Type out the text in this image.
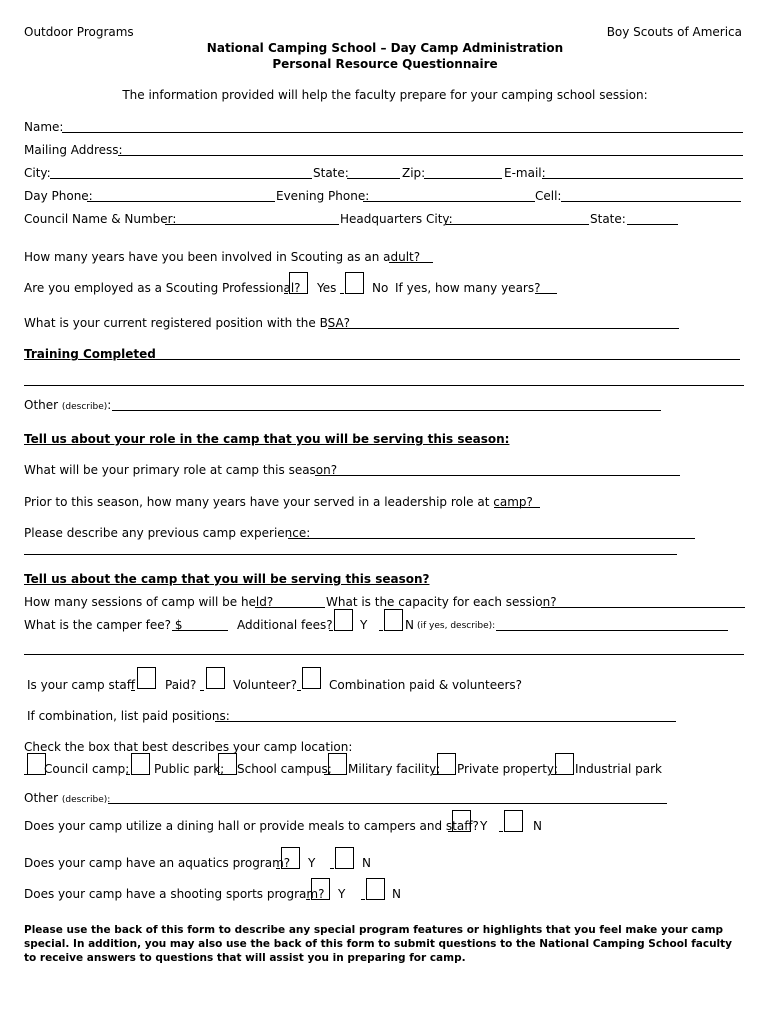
Outdoor Programs	Boy Scouts of America
National Camping School – Day Camp Administration
Personal Resource Questionnaire
The information provided will help the faculty prepare for your camping school session:
Name:
Mailing Address:
City:	State:	Zip:	E-mail:
Day Phone:	Evening Phone:	Cell:
Council Name & Number:	Headquarters City:	State:
How many years have you been involved in Scouting as an adult?
Are you employed as a Scouting Professional? Yes	No If yes, how many years?
What is your current registered position with the BSA?
Training Completed
Other (describe):
Tell us about your role in the camp that you will be serving this season:
What will be your primary role at camp this season?
Prior to this season, how many years have your served in a leadership role at camp?
Please describe any previous camp experience:
Tell us about the camp that you will be serving this season?
How many sessions of camp will be held?	What is the capacity for each session?
What is the camper fee? $	Additional fees? Y	N (if yes, describe):
Is your camp staff Paid?	Volunteer?	Combination paid & volunteers?
If combination, list paid positions:
Check the box that best describes your camp location:
Council camp; Public park; School campus; Military facility; Private property; Industrial park
Other (describe):
Does your camp utilize a dining hall or provide meals to campers and staff? Y	N
Does your camp have an aquatics program? Y	N
Does your camp have a shooting sports program? Y	N
Please use the back of this form to describe any special program features or highlights that you feel make your camp special. In addition, you may also use the back of this form to submit questions to the National Camping School faculty to receive answers to questions that will assist you in preparing for camp.
